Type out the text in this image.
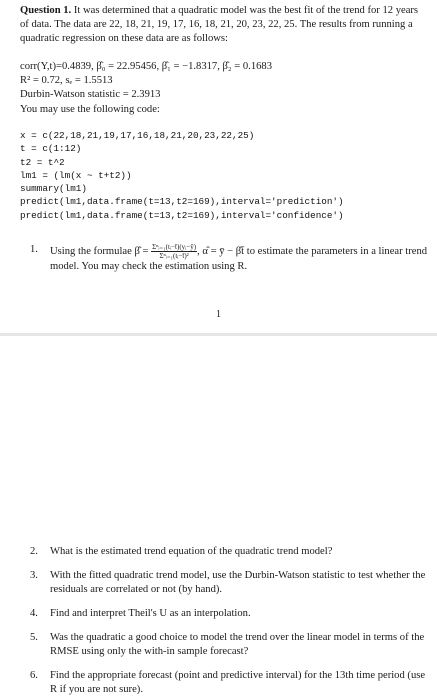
Question 1. It was determined that a quadratic model was the best fit of the trend for 12 years of data. The data are 22, 18, 21, 19, 17, 16, 18, 21, 20, 23, 22, 25. The results from running a quadratic regression on these data are as follows:
corr(Y,t)=0.4839, β̂₀ = 22.95456, β̂₁ = −1.8317, β̂₂ = 0.1683
R² = 0.72, sₑ = 1.5513
Durbin-Watson statistic = 2.3913
You may use the following code:
x = c(22,18,21,19,17,16,18,21,20,23,22,25)
t = c(1:12)
t2 = t^2
lm1 = (lm(x ~ t+t2))
summary(lm1)
predict(lm1,data.frame(t=13,t2=169),interval='prediction')
predict(lm1,data.frame(t=13,t2=169),interval='confidence')
1. Using the formulae β̂ = $\frac{\text{Σⁿᵢ₌₁(tᵢ−t̄)(yᵢ−ȳ)}}{\text{Σⁿᵢ₌₁(tᵢ−t̄)²}}$ , α̂ = ȳ − β̂t̄ to estimate the parameters in a linear trend model. You may check the estimation using R.
1
2. What is the estimated trend equation of the quadratic trend model?
3. With the fitted quadratic trend model, use the Durbin-Watson statistic to test whether the residuals are correlated or not (by hand).
4. Find and interpret Theil's U as an interpolation.
5. Was the quadratic a good choice to model the trend over the linear model in terms of the RMSE using only the with-in sample forecast?
6. Find the appropriate forecast (point and predictive interval) for the 13th time period (use R if you are not sure).
